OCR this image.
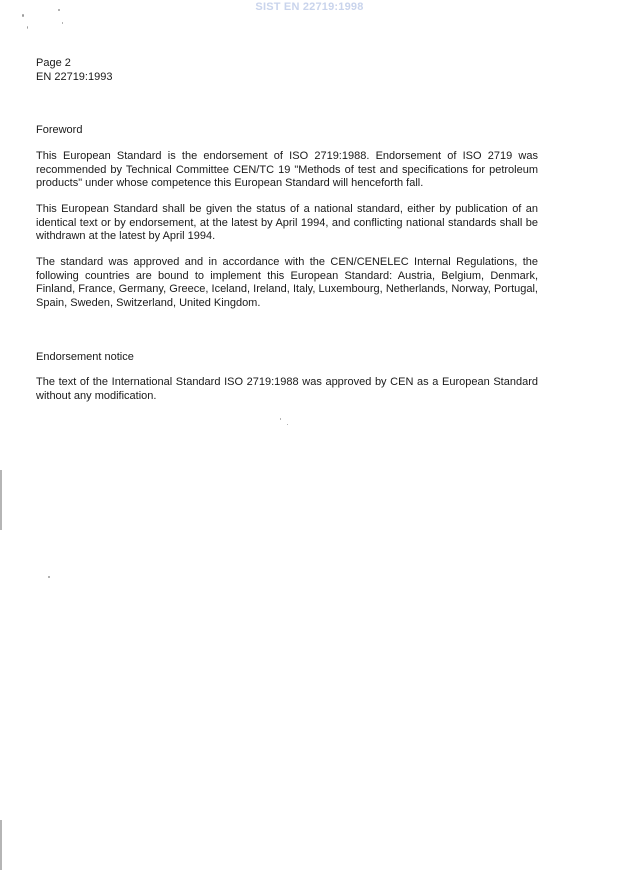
SIST EN 22719:1998
Page 2
EN 22719:1993
Foreword

This European Standard is the endorsement of ISO 2719:1988. Endorsement of ISO 2719 was recommended by Technical Committee CEN/TC 19 "Methods of test and specifications for petroleum products" under whose competence this European Standard will henceforth fall.

This European Standard shall be given the status of a national standard, either by publication of an identical text or by endorsement, at the latest by April 1994, and conflicting national standards shall be withdrawn at the latest by April 1994.

The standard was approved and in accordance with the CEN/CENELEC Internal Regulations, the following countries are bound to implement this European Standard: Austria, Belgium, Denmark, Finland, France, Germany, Greece, Iceland, Ireland, Italy, Luxembourg, Netherlands, Norway, Portugal, Spain, Sweden, Switzerland, United Kingdom.

Endorsement notice

The text of the International Standard ISO 2719:1988 was approved by CEN as a European Standard without any modification.
